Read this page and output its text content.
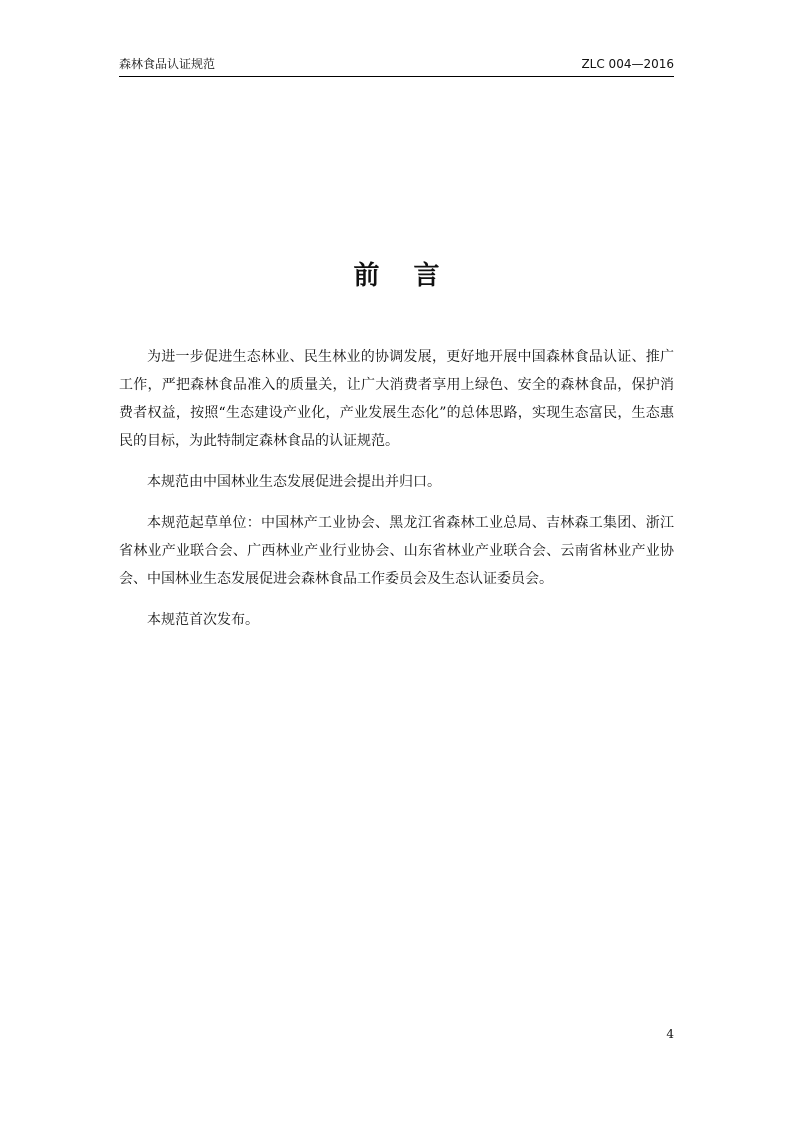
森林食品认证规范	ZLC 004—2016
前言

为进一步促进生态林业、民生林业的协调发展，更好地开展中国森林食品认证、推广工作，严把森林食品准入的质量关，让广大消费者享用上绿色、安全的森林食品，保护消费者权益，按照“生态建设产业化，产业发展生态化”的总体思路，实现生态富民，生态惠民的目标，为此特制定森林食品的认证规范。

本规范由中国林业生态发展促进会提出并归口。

本规范起草单位：中国林产工业协会、黑龙江省森林工业总局、吉林森工集团、浙江省林业产业联合会、广西林业产业行业协会、山东省林业产业联合会、云南省林业产业协会、中国林业生态发展促进会森林食品工作委员会及生态认证委员会。

本规范首次发布。

4
